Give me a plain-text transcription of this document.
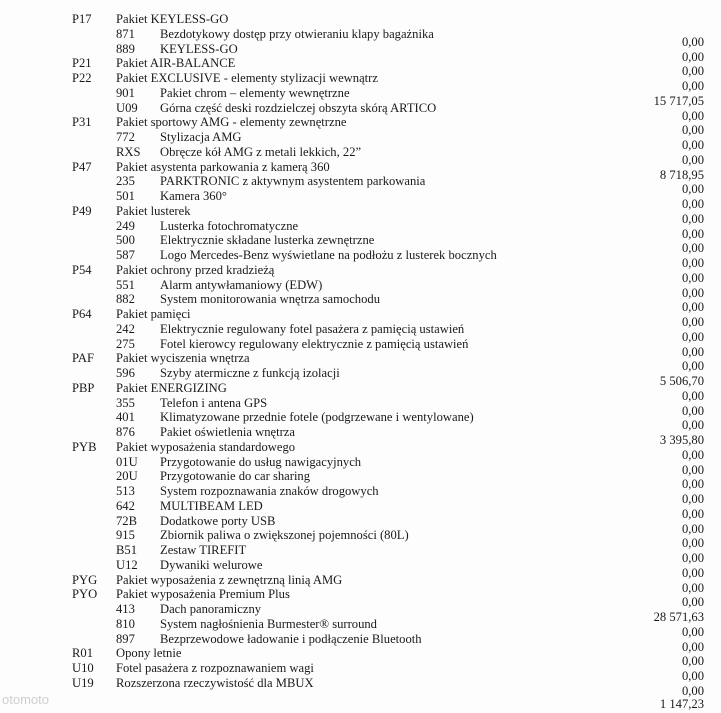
P17 Pakiet KEYLESS-GO
871 Bezdotykowy dostęp przy otwieraniu klapy bagażnika
0,00
889 KEYLESS-GO
0,00
P21 Pakiet AIR-BALANCE
0,00
P22 Pakiet EXCLUSIVE - elementy stylizacji wewnątrz
0,00
901 Pakiet chrom – elementy wewnętrzne
15 717,05
U09 Górna część deski rozdzielczej obszyta skórą ARTICO
0,00
P31 Pakiet sportowy AMG - elementy zewnętrzne
0,00
772 Stylizacja AMG
0,00
RXS Obręcze kół AMG z metali lekkich, 22”
0,00
P47 Pakiet asystenta parkowania z kamerą 360
8 718,95
235 PARKTRONIC z aktywnym asystentem parkowania
0,00
501 Kamera 360°
0,00
P49 Pakiet lusterek
0,00
249 Lusterka fotochromatyczne
0,00
500 Elektrycznie składane lusterka zewnętrzne
0,00
587 Logo Mercedes-Benz wyświetlane na podłożu z lusterek bocznych
0,00
P54 Pakiet ochrony przed kradzieżą
0,00
551 Alarm antywłamaniowy (EDW)
0,00
882 System monitorowania wnętrza samochodu
0,00
P64 Pakiet pamięci
0,00
242 Elektrycznie regulowany fotel pasażera z pamięcią ustawień
0,00
275 Fotel kierowcy regulowany elektrycznie z pamięcią ustawień
0,00
PAF Pakiet wyciszenia wnętrza
0,00
596 Szyby atermiczne z funkcją izolacji
5 506,70
PBP Pakiet ENERGIZING
0,00
355 Telefon i antena GPS
0,00
401 Klimatyzowane przednie fotele (podgrzewane i wentylowane)
0,00
876 Pakiet oświetlenia wnętrza
3 395,80
PYB Pakiet wyposażenia standardowego
0,00
01U Przygotowanie do usług nawigacyjnych
0,00
20U Przygotowanie do car sharing
0,00
513 System rozpoznawania znaków drogowych
0,00
642 MULTIBEAM LED
0,00
72B Dodatkowe porty USB
0,00
915 Zbiornik paliwa o zwiększonej pojemności (80L)
0,00
B51 Zestaw TIREFIT
0,00
U12 Dywaniki welurowe
0,00
PYG Pakiet wyposażenia z zewnętrzną linią AMG
0,00
PYO Pakiet wyposażenia Premium Plus
0,00
413 Dach panoramiczny
28 571,63
810 System nagłośnienia Burmester® surround
0,00
897 Bezprzewodowe ładowanie i podłączenie Bluetooth
0,00
R01 Opony letnie
0,00
U10 Fotel pasażera z rozpoznawaniem wagi
0,00
U19 Rozszerzona rzeczywistość dla MBUX
0,00
1 147,23
otomoto
